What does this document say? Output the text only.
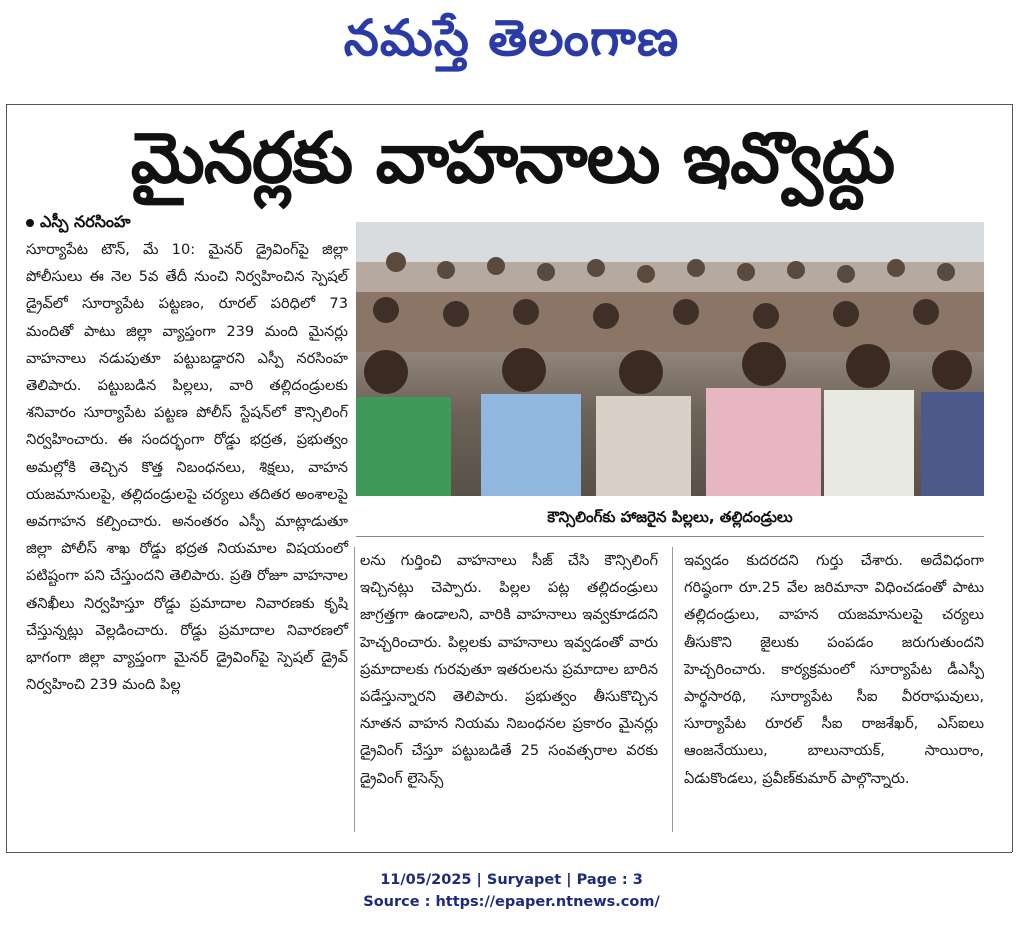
నమస్తే తెలంగాణ
మైనర్లకు వాహనాలు ఇవ్వొద్దు
ఎస్పీ నరసింహ

సూర్యాపేట టౌన్, మే 10: మైనర్ డ్రైవింగ్‌పై జిల్లా పోలీసులు ఈ నెల 5వ తేదీ నుంచి నిర్వహించిన స్పెషల్ డ్రైవ్‌లో సూర్యాపేట పట్టణం, రూరల్ పరిధిలో 73 మందితో పాటు జిల్లా వ్యాప్తంగా 239 మంది మైనర్లు వాహనాలు నడుపుతూ పట్టుబడ్డారని ఎస్పీ నరసింహ తెలిపారు. పట్టుబడిన పిల్లలు, వారి తల్లిదండ్రులకు శనివారం సూర్యాపేట పట్టణ పోలీస్ స్టేషన్‌లో కౌన్సిలింగ్ నిర్వహించారు. ఈ సందర్భంగా రోడ్డు భద్రత, ప్రభుత్వం అమల్లోకి తెచ్చిన కొత్త నిబంధనలు, శిక్షలు, వాహన యజమానులపై, తల్లిదండ్రులపై చర్యలు తదితర అంశాలపై అవగాహన కల్పించారు. అనంతరం ఎస్పీ మాట్లాడుతూ జిల్లా పోలీస్ శాఖ రోడ్డు భద్రత నియమాల విషయంలో పటిష్టంగా పని చేస్తుందని తెలిపారు. ప్రతి రోజూ వాహనాల తనిఖీలు నిర్వహిస్తూ రోడ్డు ప్రమాదాల నివారణకు కృషి చేస్తున్నట్లు వెల్లడించారు. రోడ్డు ప్రమాదాల నివారణలో భాగంగా జిల్లా వ్యాప్తంగా మైనర్ డ్రైవింగ్‌పై స్పెషల్ డ్రైవ్ నిర్వహించి 239 మంది పిల్ల

కౌన్సిలింగ్‌కు హాజరైన పిల్లలు, తల్లిదండ్రులు

లను గుర్తించి వాహనాలు సీజ్ చేసి కౌన్సిలింగ్ ఇచ్చినట్లు చెప్పారు. పిల్లల పట్ల తల్లిదండ్రులు జాగ్రత్తగా ఉండాలని, వారికి వాహనాలు ఇవ్వకూడదని హెచ్చరించారు. పిల్లలకు వాహనాలు ఇవ్వడంతో వారు ప్రమాదాలకు గురవుతూ ఇతరులను ప్రమాదాల బారిన పడేస్తున్నారని తెలిపారు. ప్రభుత్వం తీసుకొచ్చిన నూతన వాహన నియమ నిబంధనల ప్రకారం మైనర్లు డ్రైవింగ్ చేస్తూ పట్టుబడితే 25 సంవత్సరాల వరకు డ్రైవింగ్ లైసెన్స్

ఇవ్వడం కుదరదని గుర్తు చేశారు. అదేవిధంగా గరిష్ఠంగా రూ.25 వేల జరిమానా విధించడంతో పాటు తల్లిదండ్రులు, వాహన యజమానులపై చర్యలు తీసుకొని జైలుకు పంపడం జరుగుతుందని హెచ్చరించారు. కార్యక్రమంలో సూర్యాపేట డీఎస్పీ పార్థసారథి, సూర్యాపేట సీఐ వీరరాఘవులు, సూర్యాపేట రూరల్ సీఐ రాజశేఖర్, ఎస్ఐలు ఆంజనేయులు, బాలునాయక్, సాయిరాం, ఏడుకొండలు, ప్రవీణ్‌కుమార్ పాల్గొన్నారు.

11/05/2025 | Suryapet | Page : 3
Source : https://epaper.ntnews.com/
